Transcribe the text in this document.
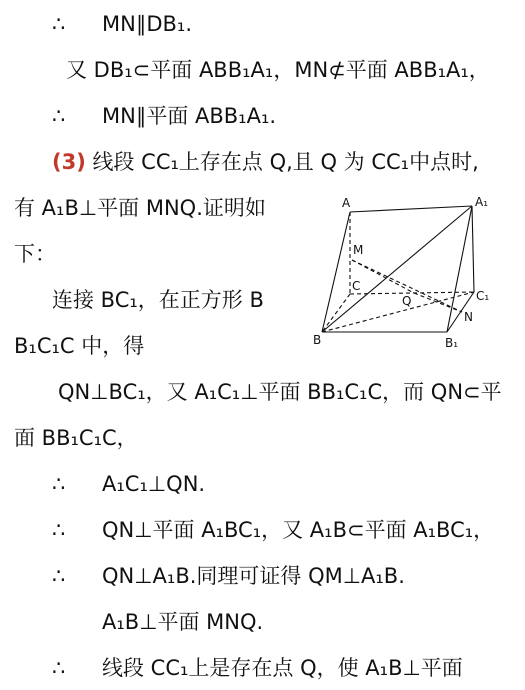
∴ MN∥DB₁.
又 DB₁⊂平面 ABB₁A₁，MN⊄平面 ABB₁A₁，
∴ MN∥平面 ABB₁A₁.
(3) 线段 CC₁上存在点 Q,且 Q 为 CC₁中点时,
有 A₁B⊥平面 MNQ.证明如
下：
连接 BC₁，在正方形 B
B₁C₁C 中，得
QN⊥BC₁，又 A₁C₁⊥平面 BB₁C₁C，而 QN⊂平
面 BB₁C₁C，
∴ A₁C₁⊥QN.
∴ QN⊥平面 A₁BC₁，又 A₁B⊂平面 A₁BC₁，
∴ QN⊥A₁B.同理可证得 QM⊥A₁B.
A₁B⊥平面 MNQ.
∴ 线段 CC₁上是存在点 Q，使 A₁B⊥平面
A	A₁
M
C
Q	C₁
N
B	B₁
